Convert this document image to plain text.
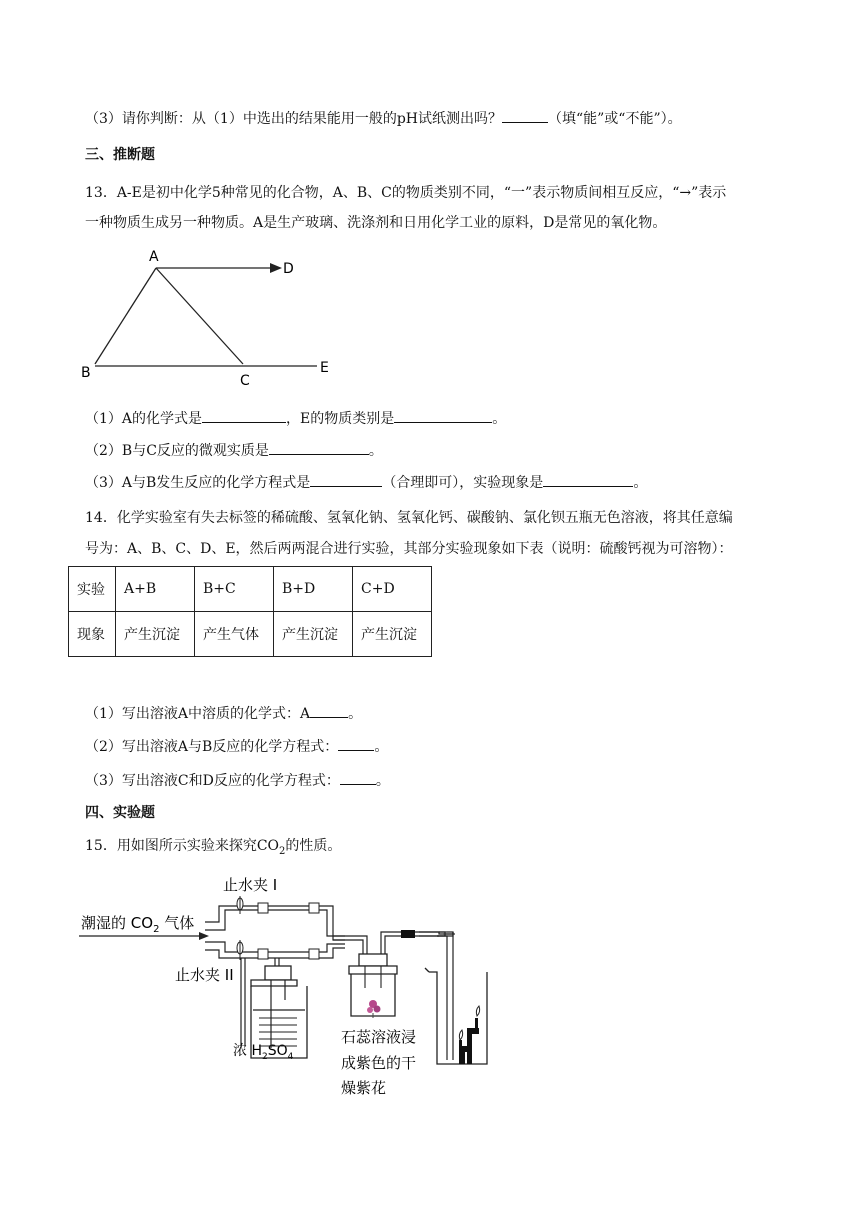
（3）请你判断：从（1）中选出的结果能用一般的pH试纸测出吗？	（填“能”或“不能”）。
三、推断题
13．A-E是初中化学5种常见的化合物，A、B、C的物质类别不同，“一”表示物质间相互反应，“→”表示
一种物质生成另一种物质。A是生产玻璃、洗涤剂和日用化学工业的原料，D是常见的氧化物。
A
B	C
D
E
（1）A的化学式是	，E的物质类别是	。
（2）B与C反应的微观实质是	。
（3）A与B发生反应的化学方程式是	（合理即可），实验现象是	。
14．化学实验室有失去标签的稀硫酸、氢氧化钠、氢氧化钙、碳酸钠、氯化钡五瓶无色溶液，将其任意编
号为：A、B、C、D、E，然后两两混合进行实验，其部分实验现象如下表（说明：硫酸钙视为可溶物）：
实验	A+B	B+C	B+D	C+D
现象	产生沉淀	产生气体	产生沉淀	产生沉淀
（1）写出溶液A中溶质的化学式：A	。
（2）写出溶液A与B反应的化学方程式：	。
（3）写出溶液C和D反应的化学方程式：	。
四、实验题
15．用如图所示实验来探究$CO_2$的性质。
止水夹 I
潮湿的 $CO_2$ 气体
止水夹 II
浓 $H_2SO_4$
石蕊溶液浸
成紫色的干
燥紫花
